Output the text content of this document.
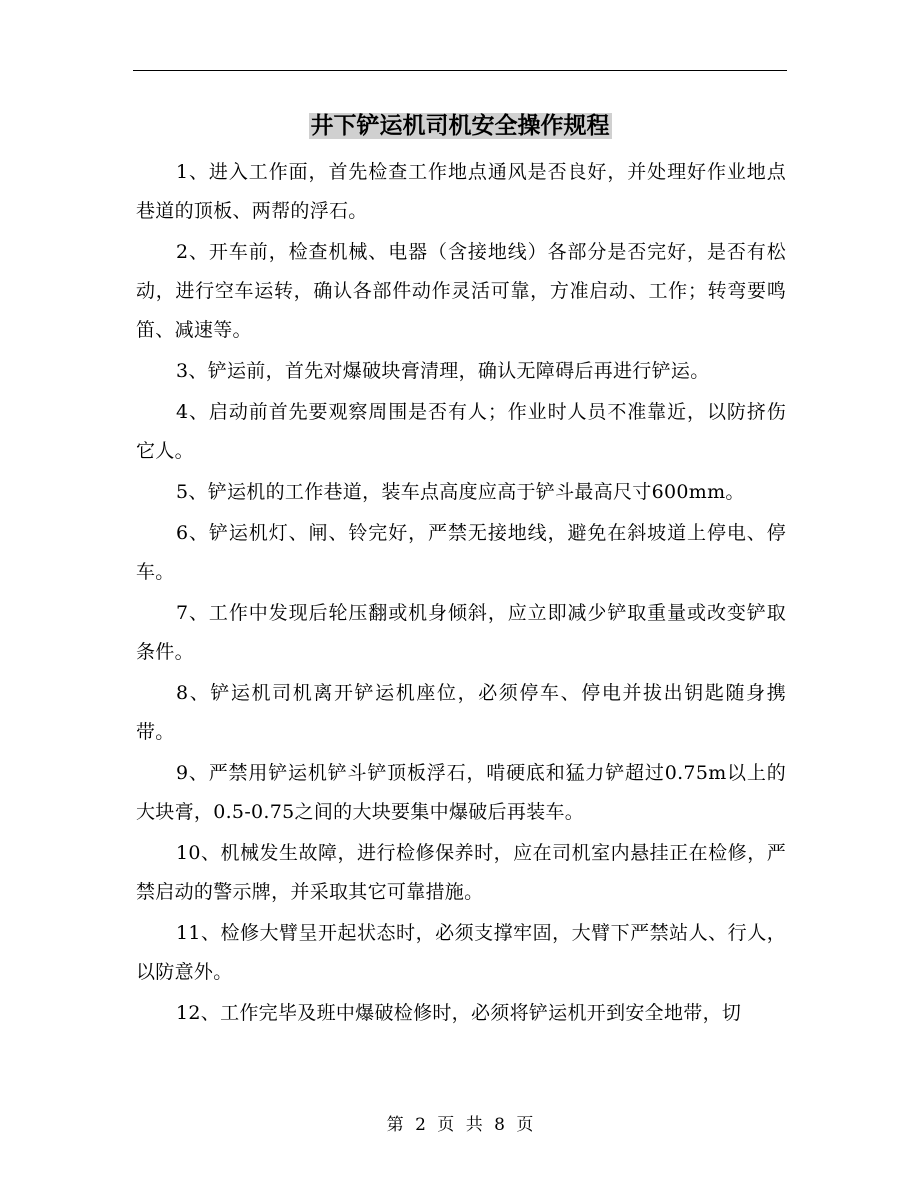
井下铲运机司机安全操作规程

1、进入工作面，首先检查工作地点通风是否良好，并处理好作业地点巷道的顶板、两帮的浮石。

2、开车前，检查机械、电器（含接地线）各部分是否完好，是否有松动，进行空车运转，确认各部件动作灵活可靠，方准启动、工作；转弯要鸣笛、减速等。

3、铲运前，首先对爆破块膏清理，确认无障碍后再进行铲运。

4、启动前首先要观察周围是否有人；作业时人员不准靠近，以防挤伤它人。

5、铲运机的工作巷道，装车点高度应高于铲斗最高尺寸600mm。

6、铲运机灯、闸、铃完好，严禁无接地线，避免在斜坡道上停电、停车。

7、工作中发现后轮压翻或机身倾斜，应立即减少铲取重量或改变铲取条件。

8、铲运机司机离开铲运机座位，必须停车、停电并拔出钥匙随身携带。

9、严禁用铲运机铲斗铲顶板浮石，啃硬底和猛力铲超过0.75m以上的大块膏，0.5-0.75之间的大块要集中爆破后再装车。

10、机械发生故障，进行检修保养时，应在司机室内悬挂正在检修，严禁启动的警示牌，并采取其它可靠措施。

11、检修大臂呈开起状态时，必须支撑牢固，大臂下严禁站人、行人，以防意外。

12、工作完毕及班中爆破检修时，必须将铲运机开到安全地带，切

第 2 页 共 8 页
